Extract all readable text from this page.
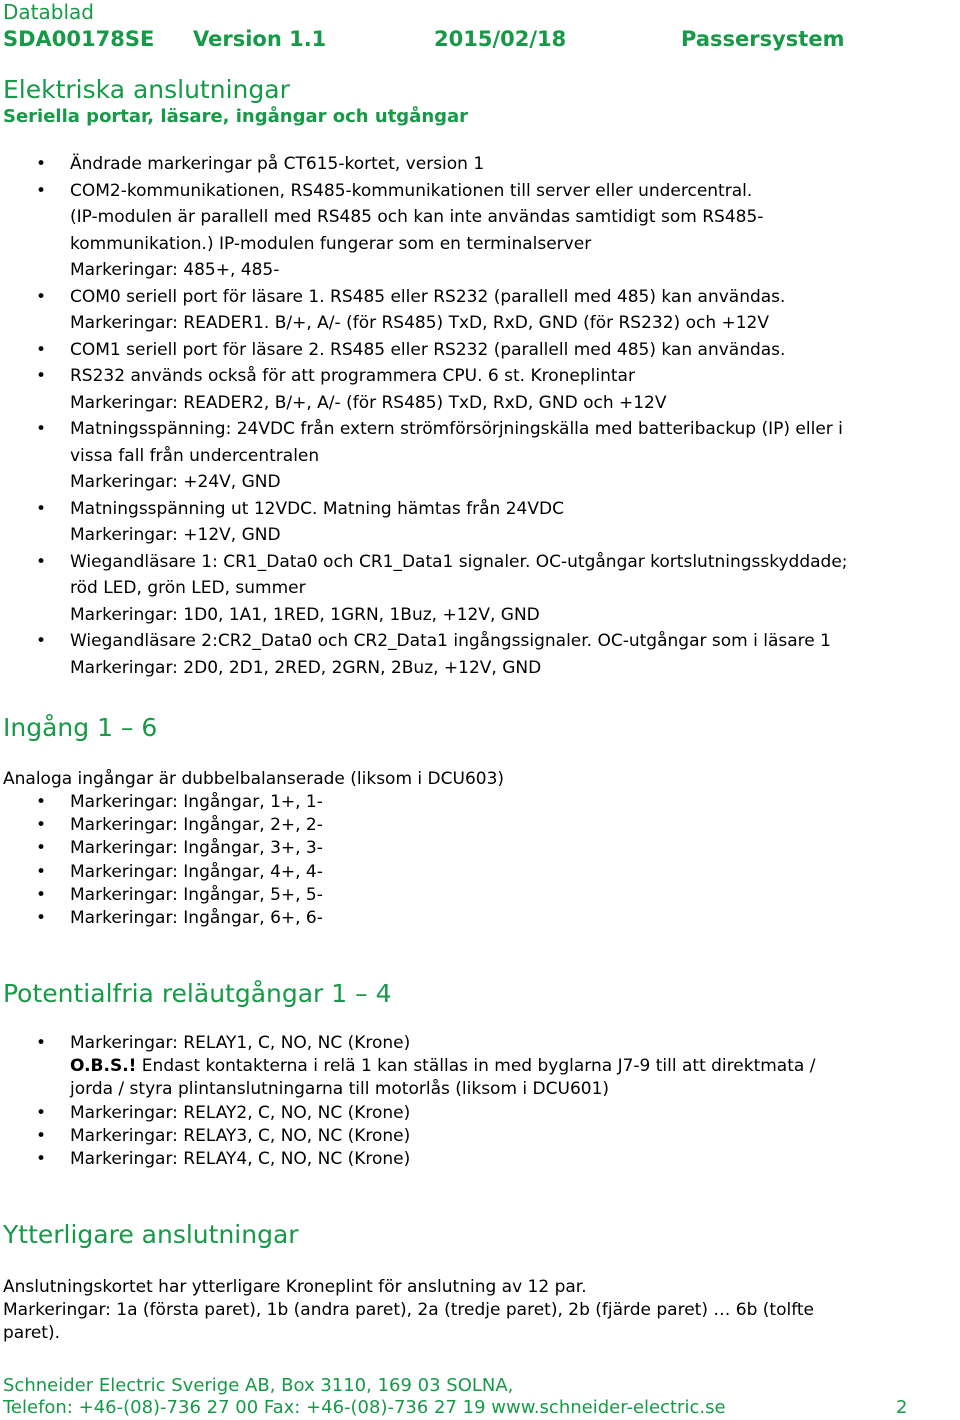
Datablad
SDA00178SE Version 1.1	2015/02/18	Passersystem
Elektriska anslutningar
Seriella portar, läsare, ingångar och utgångar
• Ändrade markeringar på CT615-kortet, version 1
• COM2-kommunikationen, RS485-kommunikationen till server eller undercentral.
(IP-modulen är parallell med RS485 och kan inte användas samtidigt som RS485-
kommunikation.) IP-modulen fungerar som en terminalserver
Markeringar: 485+, 485-
• COM0 seriell port för läsare 1. RS485 eller RS232 (parallell med 485) kan användas.
Markeringar: READER1. B/+, A/- (för RS485) TxD, RxD, GND (för RS232) och +12V
• COM1 seriell port för läsare 2. RS485 eller RS232 (parallell med 485) kan användas.
• RS232 används också för att programmera CPU. 6 st. Kroneplintar
Markeringar: READER2, B/+, A/- (för RS485) TxD, RxD, GND och +12V
• Matningsspänning: 24VDC från extern strömförsörjningskälla med batteribackup (IP) eller i
vissa fall från undercentralen
Markeringar: +24V, GND
• Matningsspänning ut 12VDC. Matning hämtas från 24VDC
Markeringar: +12V, GND
• Wiegandläsare 1: CR1_Data0 och CR1_Data1 signaler. OC-utgångar kortslutningsskyddade;
röd LED, grön LED, summer
Markeringar: 1D0, 1A1, 1RED, 1GRN, 1Buz, +12V, GND
• Wiegandläsare 2:CR2_Data0 och CR2_Data1 ingångssignaler. OC-utgångar som i läsare 1
Markeringar: 2D0, 2D1, 2RED, 2GRN, 2Buz, +12V, GND
Ingång 1 – 6
Analoga ingångar är dubbelbalanserade (liksom i DCU603)
• Markeringar: Ingångar, 1+, 1-
• Markeringar: Ingångar, 2+, 2-
• Markeringar: Ingångar, 3+, 3-
• Markeringar: Ingångar, 4+, 4-
• Markeringar: Ingångar, 5+, 5-
• Markeringar: Ingångar, 6+, 6-
Potentialfria reläutgångar 1 – 4
• Markeringar: RELAY1, C, NO, NC (Krone)
O.B.S.! Endast kontakterna i relä 1 kan ställas in med byglarna J7-9 till att direktmata /
jorda / styra plintanslutningarna till motorlås (liksom i DCU601)
• Markeringar: RELAY2, C, NO, NC (Krone)
• Markeringar: RELAY3, C, NO, NC (Krone)
• Markeringar: RELAY4, C, NO, NC (Krone)
Ytterligare anslutningar
Anslutningskortet har ytterligare Kroneplint för anslutning av 12 par.
Markeringar: 1a (första paret), 1b (andra paret), 2a (tredje paret), 2b (fjärde paret) … 6b (tolfte
paret).
Schneider Electric Sverige AB, Box 3110, 169 03 SOLNA,
Telefon: +46-(08)-736 27 00 Fax: +46-(08)-736 27 19 www.schneider-electric.se	2
